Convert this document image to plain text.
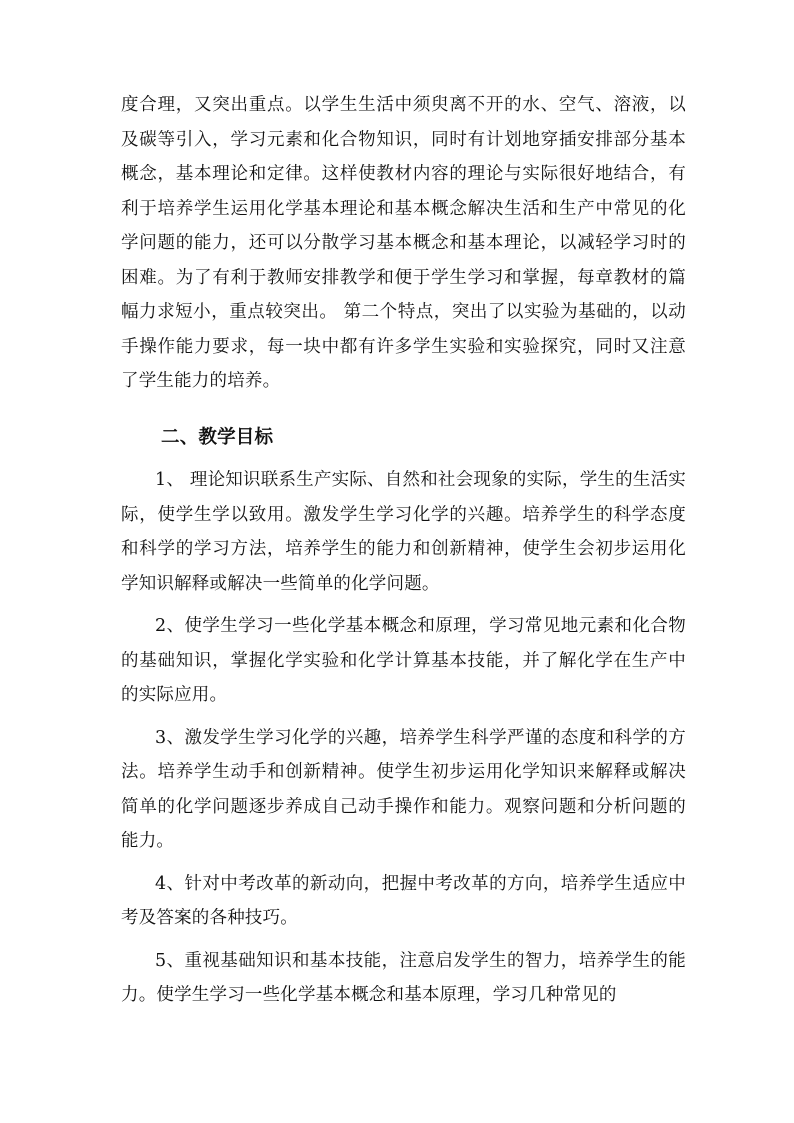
度合理，又突出重点。以学生生活中须臾离不开的水、空气、溶液，以及碳等引入，学习元素和化合物知识，同时有计划地穿插安排部分基本概念，基本理论和定律。这样使教材内容的理论与实际很好地结合，有利于培养学生运用化学基本理论和基本概念解决生活和生产中常见的化学问题的能力，还可以分散学习基本概念和基本理论，以减轻学习时的困难。为了有利于教师安排教学和便于学生学习和掌握，每章教材的篇幅力求短小，重点较突出。 第二个特点，突出了以实验为基础的，以动手操作能力要求，每一块中都有许多学生实验和实验探究，同时又注意了学生能力的培养。

二、教学目标

1、 理论知识联系生产实际、自然和社会现象的实际，学生的生活实际，使学生学以致用。激发学生学习化学的兴趣。培养学生的科学态度和科学的学习方法，培养学生的能力和创新精神，使学生会初步运用化学知识解释或解决一些简单的化学问题。

2、使学生学习一些化学基本概念和原理，学习常见地元素和化合物的基础知识，掌握化学实验和化学计算基本技能，并了解化学在生产中的实际应用。

3、激发学生学习化学的兴趣，培养学生科学严谨的态度和科学的方法。培养学生动手和创新精神。使学生初步运用化学知识来解释或解决简单的化学问题逐步养成自己动手操作和能力。观察问题和分析问题的能力。

4、针对中考改革的新动向，把握中考改革的方向，培养学生适应中考及答案的各种技巧。

5、重视基础知识和基本技能，注意启发学生的智力，培养学生的能力。使学生学习一些化学基本概念和基本原理，学习几种常见的
